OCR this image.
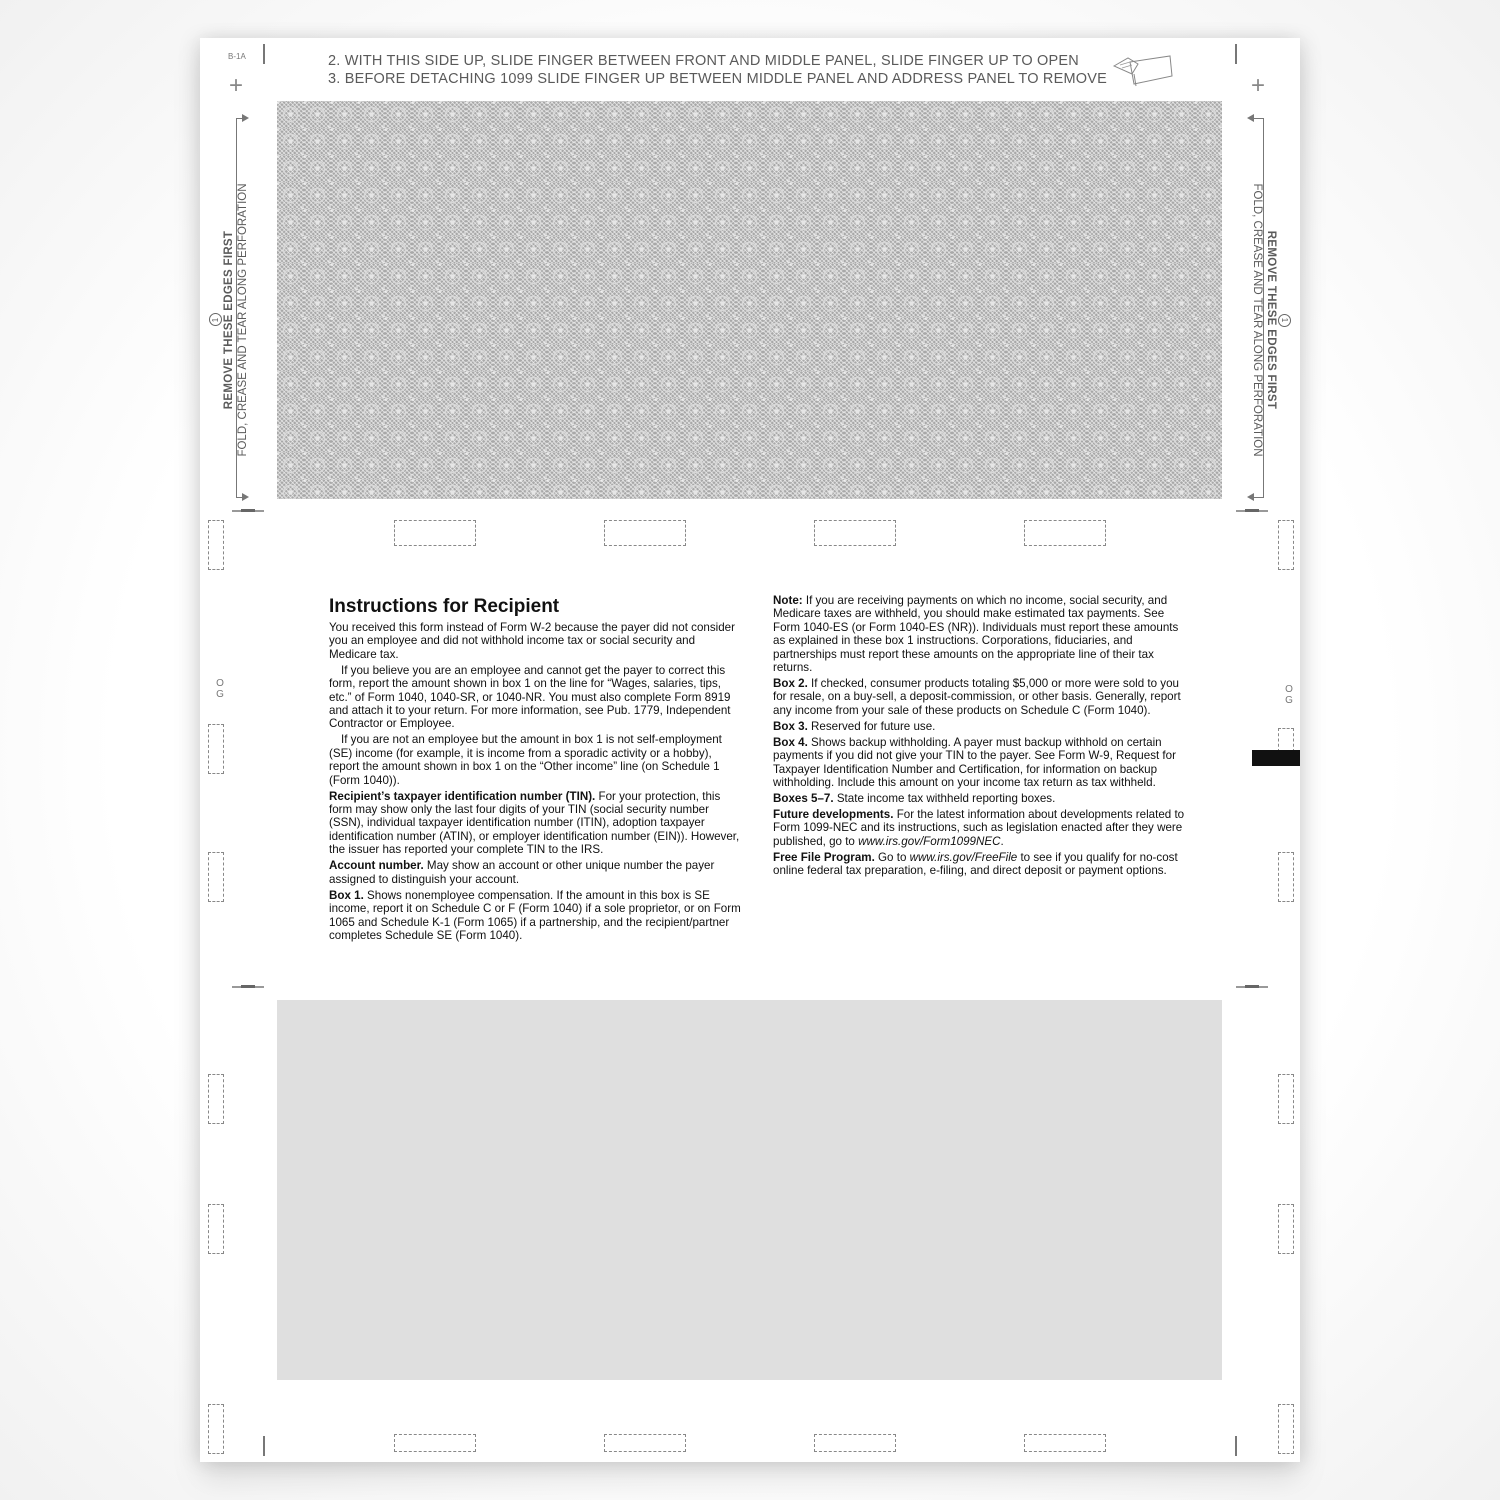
B-1A
+	+
2. WITH THIS SIDE UP, SLIDE FINGER BETWEEN FRONT AND MIDDLE PANEL, SLIDE FINGER UP TO OPEN
3. BEFORE DETACHING 1099 SLIDE FINGER UP BETWEEN MIDDLE PANEL AND ADDRESS PANEL TO REMOVE
1 REMOVE THESE EDGES FIRST FOLD, CREASE AND TEAR ALONG PERFORATION	1
REMOVE THESE EDGES FIRST
FOLD, CREASE AND TEAR ALONG PERFORATION
O
G	O
G
Instructions for Recipient

You received this form instead of Form W-2 because the payer did not consider you an employee and did not withhold income tax or social security and Medicare tax.

If you believe you are an employee and cannot get the payer to correct this form, report the amount shown in box 1 on the line for “Wages, salaries, tips, etc.” of Form 1040, 1040-SR, or 1040-NR. You must also complete Form 8919 and attach it to your return. For more information, see Pub. 1779, Independent Contractor or Employee.

If you are not an employee but the amount in box 1 is not self-employment (SE) income (for example, it is income from a sporadic activity or a hobby), report the amount shown in box 1 on the “Other income” line (on Schedule 1 (Form 1040)).

Recipient’s taxpayer identification number (TIN). For your protection, this form may show only the last four digits of your TIN (social security number (SSN), individual taxpayer identification number (ITIN), adoption taxpayer identification number (ATIN), or employer identification number (EIN)). However, the issuer has reported your complete TIN to the IRS.

Account number. May show an account or other unique number the payer assigned to distinguish your account.

Box 1. Shows nonemployee compensation. If the amount in this box is SE income, report it on Schedule C or F (Form 1040) if a sole proprietor, or on Form 1065 and Schedule K-1 (Form 1065) if a partnership, and the recipient/partner completes Schedule SE (Form 1040).

Note: If you are receiving payments on which no income, social security, and Medicare taxes are withheld, you should make estimated tax payments. See Form 1040-ES (or Form 1040-ES (NR)). Individuals must report these amounts as explained in these box 1 instructions. Corporations, fiduciaries, and partnerships must report these amounts on the appropriate line of their tax returns.

Box 2. If checked, consumer products totaling $5,000 or more were sold to you for resale, on a buy-sell, a deposit-commission, or other basis. Generally, report any income from your sale of these products on Schedule C (Form 1040).

Box 3. Reserved for future use.

Box 4. Shows backup withholding. A payer must backup withhold on certain payments if you did not give your TIN to the payer. See Form W-9, Request for Taxpayer Identification Number and Certification, for information on backup withholding. Include this amount on your income tax return as tax withheld.

Boxes 5–7. State income tax withheld reporting boxes.

Future developments. For the latest information about developments related to Form 1099-NEC and its instructions, such as legislation enacted after they were published, go to www.irs.gov/Form1099NEC.

Free File Program. Go to www.irs.gov/FreeFile to see if you qualify for no-cost online federal tax preparation, e-filing, and direct deposit or payment options.
